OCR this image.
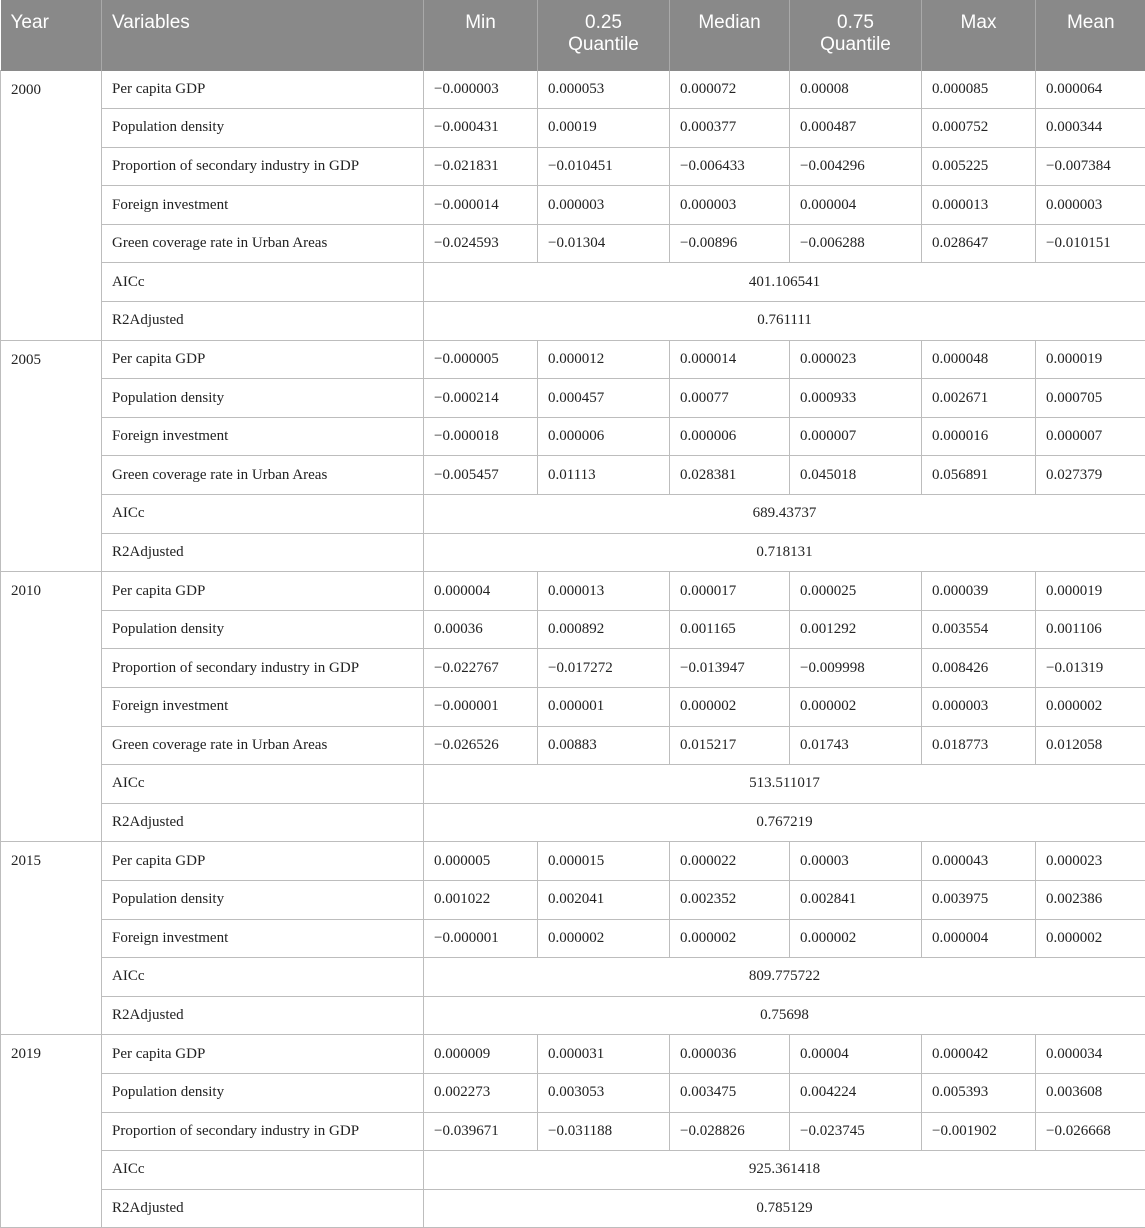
Year	Variables	Min	0.25 Quantile	Median	0.75 Quantile	Max	Mean
2000	Per capita GDP	−0.000003	0.000053	0.000072	0.00008	0.000085	0.000064
	Population density	−0.000431	0.00019	0.000377	0.000487	0.000752	0.000344
	Proportion of secondary industry in GDP	−0.021831	−0.010451	−0.006433	−0.004296	0.005225	−0.007384
	Foreign investment	−0.000014	0.000003	0.000003	0.000004	0.000013	0.000003
	Green coverage rate in Urban Areas	−0.024593	−0.01304	−0.00896	−0.006288	0.028647	−0.010151
	AICc	401.106541					
	R2Adjusted	0.761111					
2005	Per capita GDP	−0.000005	0.000012	0.000014	0.000023	0.000048	0.000019
	Population density	−0.000214	0.000457	0.00077	0.000933	0.002671	0.000705
	Foreign investment	−0.000018	0.000006	0.000006	0.000007	0.000016	0.000007
	Green coverage rate in Urban Areas	−0.005457	0.01113	0.028381	0.045018	0.056891	0.027379
	AICc	689.43737					
	R2Adjusted	0.718131					
2010	Per capita GDP	0.000004	0.000013	0.000017	0.000025	0.000039	0.000019
	Population density	0.00036	0.000892	0.001165	0.001292	0.003554	0.001106
	Proportion of secondary industry in GDP	−0.022767	−0.017272	−0.013947	−0.009998	0.008426	−0.01319
	Foreign investment	−0.000001	0.000001	0.000002	0.000002	0.000003	0.000002
	Green coverage rate in Urban Areas	−0.026526	0.00883	0.015217	0.01743	0.018773	0.012058
	AICc	513.511017					
	R2Adjusted	0.767219					
2015	Per capita GDP	0.000005	0.000015	0.000022	0.00003	0.000043	0.000023
	Population density	0.001022	0.002041	0.002352	0.002841	0.003975	0.002386
	Foreign investment	−0.000001	0.000002	0.000002	0.000002	0.000004	0.000002
	AICc	809.775722					
	R2Adjusted	0.75698					
2019	Per capita GDP	0.000009	0.000031	0.000036	0.00004	0.000042	0.000034
	Population density	0.002273	0.003053	0.003475	0.004224	0.005393	0.003608
	Proportion of secondary industry in GDP	−0.039671	−0.031188	−0.028826	−0.023745	−0.001902	−0.026668
	AICc	925.361418					
	R2Adjusted	0.785129					
